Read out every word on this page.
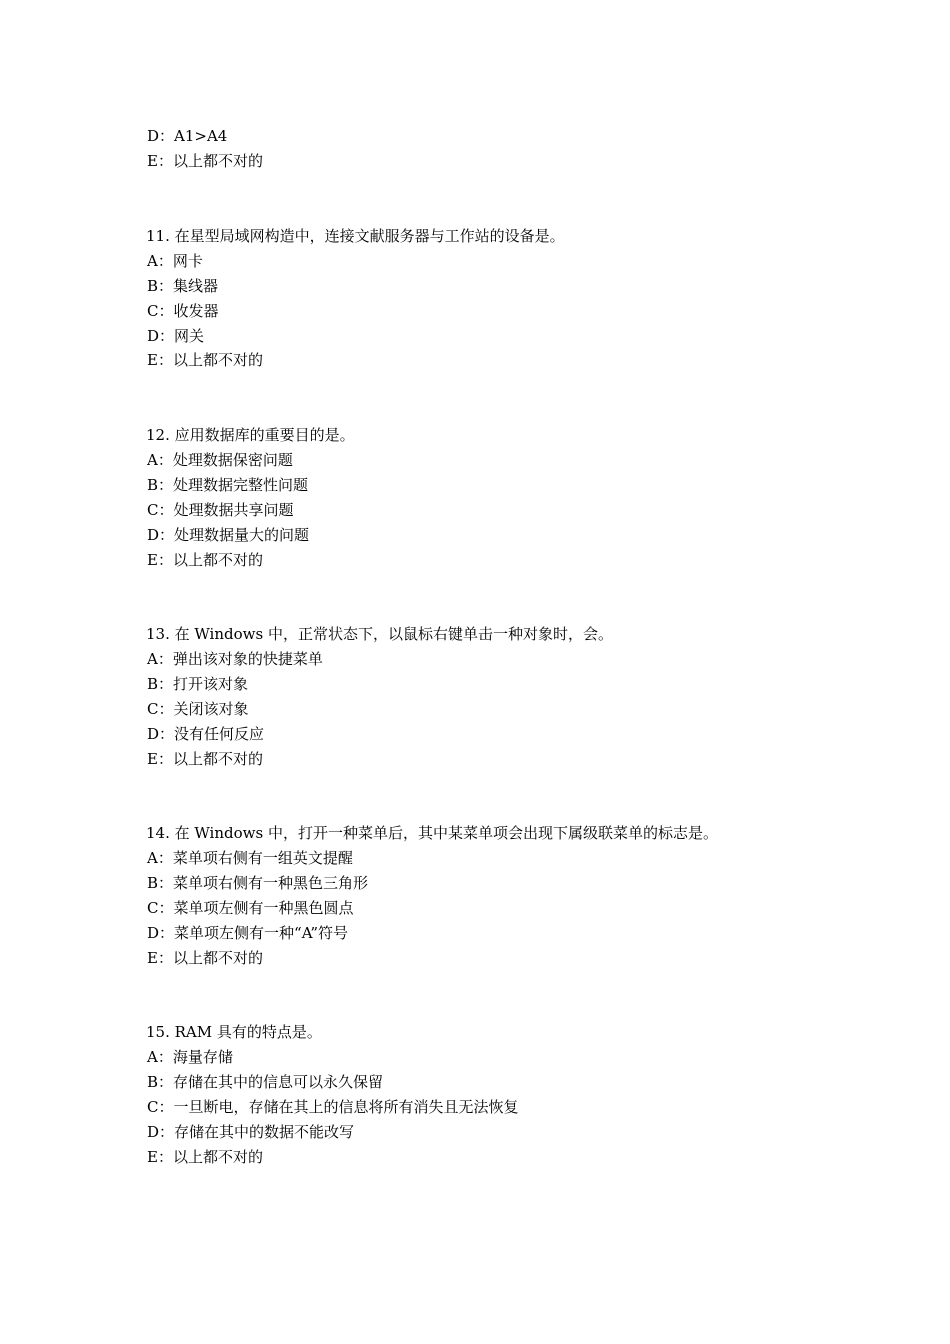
D：A1>A4
E：以上都不对的
11. 在星型局域网构造中，连接文献服务器与工作站的设备是。
A：网卡
B：集线器
C：收发器
D：网关
E：以上都不对的
12. 应用数据库的重要目的是。
A：处理数据保密问题
B：处理数据完整性问题
C：处理数据共享问题
D：处理数据量大的问题
E：以上都不对的
13. 在 Windows 中，正常状态下，以鼠标右键单击一种对象时，会。
A：弹出该对象的快捷菜单
B：打开该对象
C：关闭该对象
D：没有任何反应
E：以上都不对的
14. 在 Windows 中，打开一种菜单后，其中某菜单项会出现下属级联菜单的标志是。
A：菜单项右侧有一组英文提醒
B：菜单项右侧有一种黑色三角形
C：菜单项左侧有一种黑色圆点
D：菜单项左侧有一种“A”符号
E：以上都不对的
15. RAM 具有的特点是。
A：海量存储
B：存储在其中的信息可以永久保留
C：一旦断电，存储在其上的信息将所有消失且无法恢复
D：存储在其中的数据不能改写
E：以上都不对的
